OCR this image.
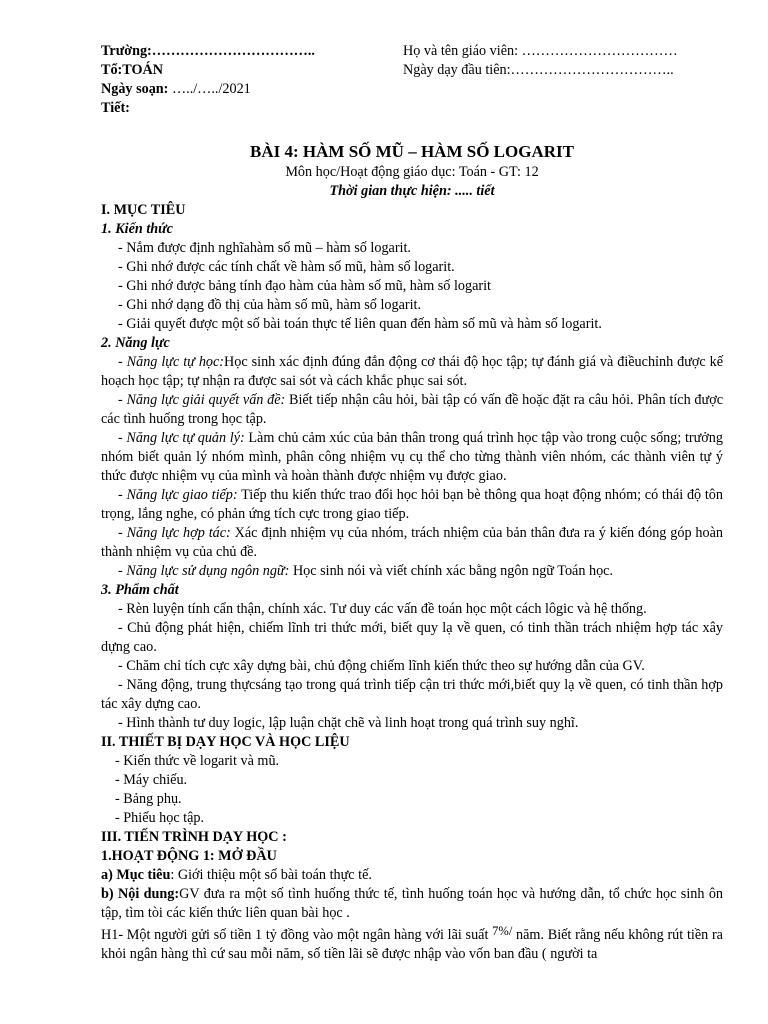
Trường:……………………………..

Tổ:TOÁN

Ngày soạn: …../…../2021

Tiết:

Họ và tên giáo viên: ……………………………

Ngày dạy đầu tiên:……………………………..

BÀI 4: HÀM SỐ MŨ – HÀM SỐ LOGARIT

Môn học/Hoạt động giáo dục: Toán - GT: 12

Thời gian thực hiện: ..... tiết

I. MỤC TIÊU

1. Kiến thức

- Nắm được định nghĩahàm số mũ – hàm số logarit.

- Ghi nhớ được các tính chất về hàm số mũ, hàm số logarit.

- Ghi nhớ được bảng tính đạo hàm của hàm số mũ, hàm số logarit

- Ghi nhớ dạng đồ thị của hàm số mũ, hàm số logarit.

- Giải quyết được một số bài toán thực tế liên quan đến hàm số mũ và hàm số logarit.

2. Năng lực

- Năng lực tự học:Học sinh xác định đúng đắn động cơ thái độ học tập; tự đánh giá và điềuchỉnh được kế hoạch học tập; tự nhận ra được sai sót và cách khắc phục sai sót.

- Năng lực giải quyết vấn đề: Biết tiếp nhận câu hỏi, bài tập có vấn đề hoặc đặt ra câu hỏi. Phân tích được các tình huống trong học tập.

- Năng lực tự quản lý: Làm chủ cảm xúc của bản thân trong quá trình học tập vào trong cuộc sống; trưởng nhóm biết quản lý nhóm mình, phân công nhiệm vụ cụ thể cho từng thành viên nhóm, các thành viên tự ý thức được nhiệm vụ của mình và hoàn thành được nhiệm vụ được giao.

- Năng lực giao tiếp: Tiếp thu kiến thức trao đổi học hỏi bạn bè thông qua hoạt động nhóm; có thái độ tôn trọng, lắng nghe, có phản ứng tích cực trong giao tiếp.

- Năng lực hợp tác: Xác định nhiệm vụ của nhóm, trách nhiệm của bản thân đưa ra ý kiến đóng góp hoàn thành nhiệm vụ của chủ đề.

- Năng lực sử dụng ngôn ngữ: Học sinh nói và viết chính xác bằng ngôn ngữ Toán học.

3. Phẩm chất

- Rèn luyện tính cẩn thận, chính xác. Tư duy các vấn đề toán học một cách lôgic và hệ thống.

- Chủ động phát hiện, chiếm lĩnh tri thức mới, biết quy lạ về quen, có tinh thần trách nhiệm hợp tác xây dựng cao.

- Chăm chỉ tích cực xây dựng bài, chủ động chiếm lĩnh kiến thức theo sự hướng dẫn của GV.

- Năng động, trung thựcsáng tạo trong quá trình tiếp cận tri thức mới,biết quy lạ về quen, có tinh thần hợp tác xây dựng cao.

- Hình thành tư duy logic, lập luận chặt chẽ và linh hoạt trong quá trình suy nghĩ.

II. THIẾT BỊ DẠY HỌC VÀ HỌC LIỆU

- Kiến thức về logarit và mũ.

- Máy chiếu.

- Bảng phụ.

- Phiếu học tập.

III. TIẾN TRÌNH DẠY HỌC :

1.HOẠT ĐỘNG 1: MỞ ĐẦU

a) Mục tiêu: Giới thiệu một số bài toán thực tế.

b) Nội dung:GV đưa ra một số tình huống thức tế, tình huống toán học và hướng dẫn, tổ chức học sinh ôn tập, tìm tòi các kiến thức liên quan bài học .

H1- Một người gửi số tiền 1 tỷ đồng vào một ngân hàng với lãi suất 7%/ năm. Biết rằng nếu không rút tiền ra khỏi ngân hàng thì cứ sau mỗi năm, số tiền lãi sẽ được nhập vào vốn ban đầu ( người ta
